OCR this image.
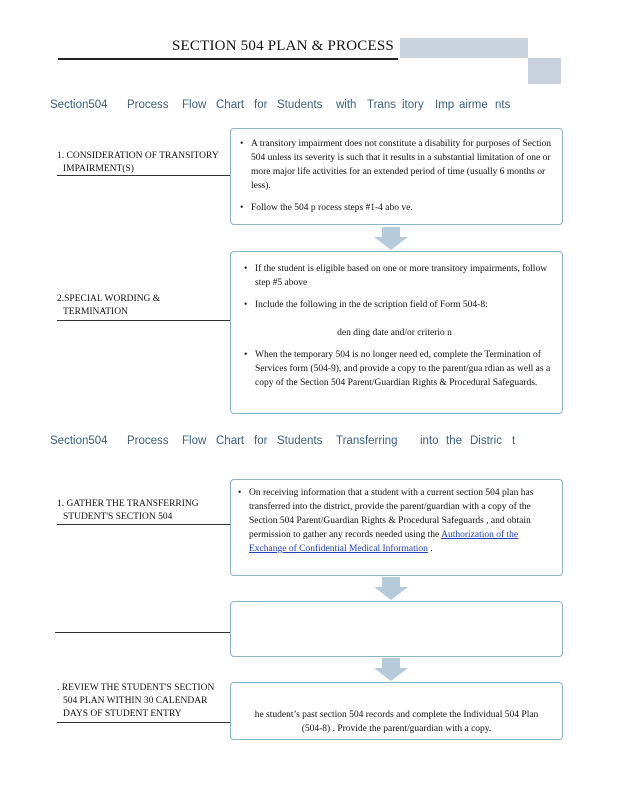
SECTION 504 PLAN & PROCESS
Section504 Process Flow Chart for Students with Trans itory Imp airme nts
1. CONSIDERATION OF TRANSITORY
IMPAIRMENT(S)
• A transitory impairment does not constitute a disability for purposes of Section 504 unless its severity is such that it results in a substantial limitation of one or more major life activities for an extended period of time (usually 6 months or less).
• Follow the 504 p rocess steps #1-4 abo ve.
• If the student is eligible based on one or more transitory impairments, follow step #5 above
• Include the following in the de scription field of Form 504-8:
den ding date and/or criterio n
• When the temporary 504 is no longer need ed, complete the Termination of Services form (504-9), and provide a copy to the parent/gua rdian as well as a copy of the Section 504 Parent/Guardian Rights & Procedural Safeguards.
2.SPECIAL WORDING &
TERMINATION
Section504 Process Flow Chart for Students Transferring into the Distric t
1. GATHER THE TRANSFERRING
STUDENT'S SECTION 504
• On receiving information that a student with a current section 504 plan has transferred into the district, provide the parent/guardian with a copy of the Section 504 Parent/Guardian Rights & Procedural Safeguards , and obtain permission to gather any records needed using the Authorization of the Exchange of Confidential Medical Information .
. REVIEW THE STUDENT'S SECTION
504 PLAN WITHIN 30 CALENDAR
DAYS OF STUDENT ENTRY	he student’s past section 504 records and complete the Individual 504 Plan (504-8) . Provide the parent/guardian with a copy.
